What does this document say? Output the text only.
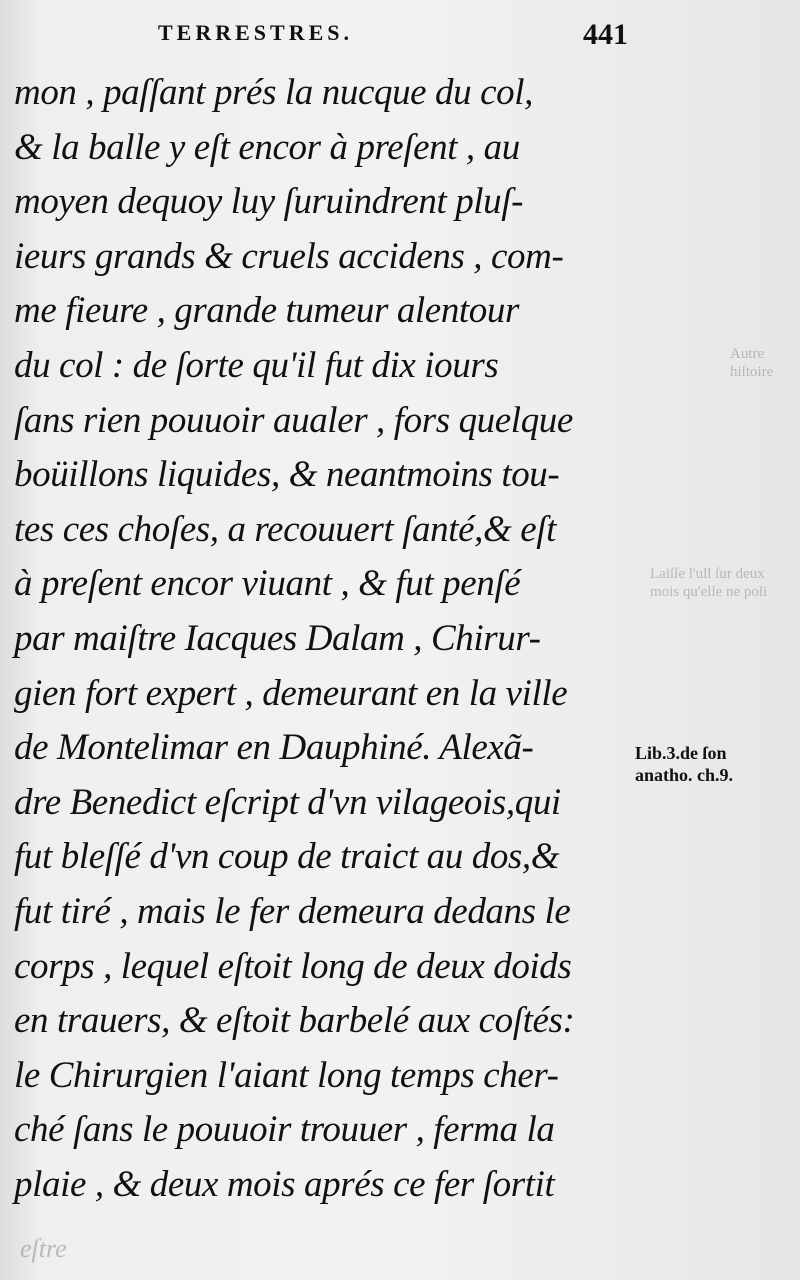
Autre hiſtoire
Laiſſe l'ull ſur deux mois qu'elle ne poli
eſtre
TERRESTRES.	441
mon , paſſant prés la nucque du col,
& la balle y eſt encor à preſent , au
moyen dequoy luy ſuruindrent pluſ-
ieurs grands & cruels accidens , com-
me fieure , grande tumeur alentour
du col : de ſorte qu'il fut dix iours
ſans rien pouuoir aualer , fors quelque
boüillons liquides, & neantmoins tou-
tes ces choſes, a recouuert ſanté,& eſt
à preſent encor viuant , & fut penſé
par maiſtre Iacques Dalam , Chirur-
gien fort expert , demeurant en la ville
de Montelimar en Dauphiné. Alexã-
dre Benedict eſcript d'vn vilageois,qui
fut bleſſé d'vn coup de traict au dos,&
fut tiré , mais le fer demeura dedans le
corps , lequel eſtoit long de deux doids
en trauers, & eſtoit barbelé aux coſtés:
le Chirurgien l'aiant long temps cher-
ché ſans le pouuoir trouuer , ferma la
plaie , & deux mois aprés ce fer ſortit
Lib.3.de ſon
anatho. ch.9.
